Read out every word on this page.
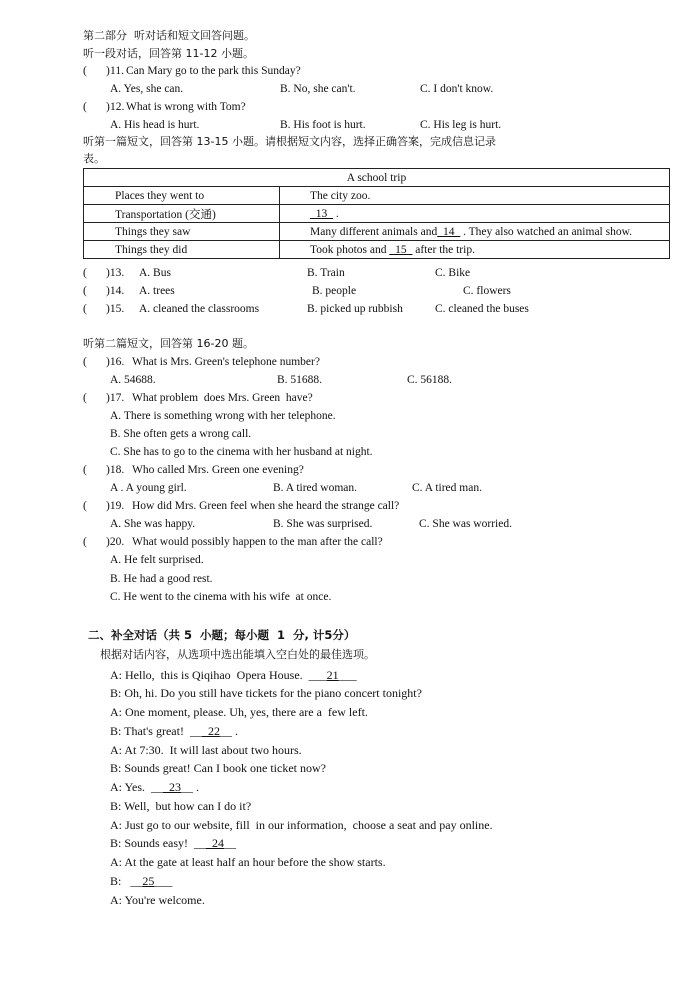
第二部分  听对话和短文回答问题。
听一段对话，回答第 11-12 小题。
( ) 11. Can Mary go to the park this Sunday?
A. Yes, she can.	B. No, she can't.	C. I don't know.
( ) 12. What is wrong with Tom?
A. His head is hurt.	B. His foot is hurt.	C. His leg is hurt.
听第一篇短文，回答第 13-15 小题。请根据短文内容，选择正确答案，完成信息记录
表。
A school trip	
Places they went to	The city zoo.
Transportation (交通)	_13_ .
Things they saw	Many different animals and_14_ . They also watched an animal show.
Things they did	Took photos and _15_ after the trip.
( )13. A. Bus	B. Train	C. Bike
( )14. A. trees	B. people	C. flowers
( )15. A. cleaned the classrooms	B. picked up rubbish	C. cleaned the buses
听第二篇短文，回答第 16-20 题。
( )16. What is Mrs. Green's telephone number?
A. 54688.	B. 51688.	C. 56188.
( )17. What problem  does Mrs. Green  have?
A. There is something wrong with her telephone.
B. She often gets a wrong call.
C. She has to go to the cinema with her husband at night.
( )18. Who called Mrs. Green one evening?
A . A young girl.	B. A tired woman.	C. A tired man.
( )19. How did Mrs. Green feel when she heard the strange call?
A. She was happy.	B. She was surprised.	C. She was worried.
( )20. What would possibly happen to the man after the call?
A. He felt surprised.
B. He had a good rest.
C. He went to the cinema with his wife  at once.
二、补全对话（共 5  小题；每小题  1  分, 计5分）
根据对话内容，从选项中选出能填入空白处的最佳选项。
A: Hello,  this is Qiqihao  Opera House.  ___21___
B: Oh, hi. Do you still have tickets for the piano concert tonight?
A: One moment, please. Uh, yes, there are a  few left.
B: That's great!  ___22__ .
A: At 7:30.  It will last about two hours.
B: Sounds great! Can I book one ticket now?
A: Yes.  ___23__ .
B: Well,  but how can I do it?
A: Just go to our website, fill  in our information,  choose a seat and pay online.
B: Sounds easy!  ___24__
A: At the gate at least half an hour before the show starts.
B:   __25___
A: You're welcome.
